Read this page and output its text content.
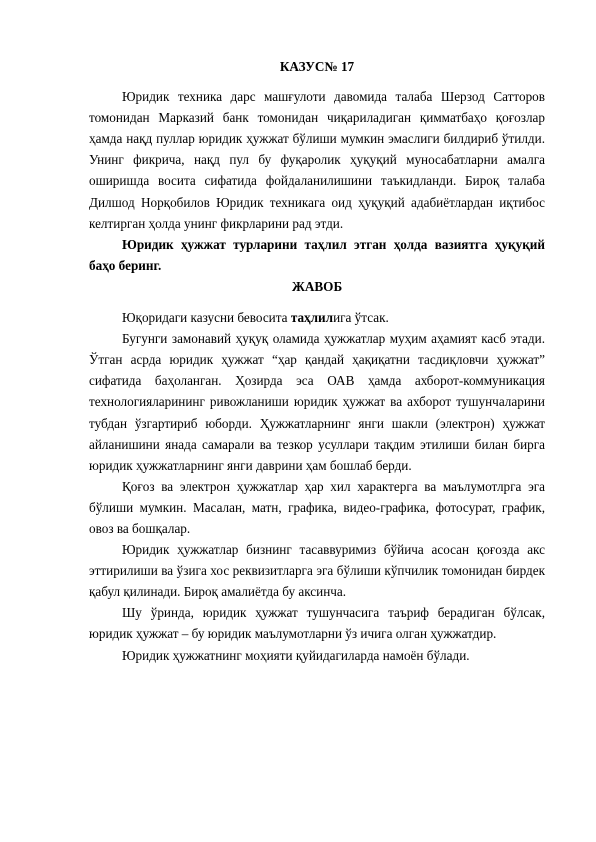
КАЗУС№ 17

Юридик техника дарс машғулоти давомида талаба Шерзод Сатторов томонидан Марказий банк томонидан чиқариладиган қимматбаҳо қоғозлар ҳамда нақд пуллар юридик ҳужжат бўлиши мумкин эмаслиги билдириб ўтилди. Унинг фикрича, нақд пул бу фуқаролик ҳуқуқий муносабатларни амалга оширишда восита сифатида фойдаланилишини таъкидланди. Бироқ талаба Дилшод Норқобилов Юридик техникага оид ҳуқуқий адабиётлардан иқтибос келтирган ҳолда унинг фикрларини рад этди.

Юридик ҳужжат турларини таҳлил этган ҳолда вазиятга ҳуқуқий баҳо беринг.

ЖАВОБ

Юқоридаги казусни бевосита таҳлилига ўтсак.

Бугунги замонавий ҳуқуқ оламида ҳужжатлар муҳим аҳамият касб этади. Ўтган асрда юридик ҳужжат “ҳар қандай ҳақиқатни тасдиқловчи ҳужжат” сифатида баҳоланган. Ҳозирда эса ОАВ ҳамда ахборот-коммуникация технологияларининг ривожланиши юридик ҳужжат ва ахборот тушунчаларини тубдан ўзгартириб юборди. Ҳужжатларнинг янги шакли (электрон) ҳужжат айланишини янада самарали ва тезкор усуллари тақдим этилиши билан бирга юридик ҳужжатларнинг янги даврини ҳам бошлаб берди.

Қоғоз ва электрон ҳужжатлар ҳар хил характерга ва маълумотлрга эга бўлиши мумкин. Масалан, матн, графика, видео-графика, фотосурат, график, овоз ва бошқалар.

Юридик ҳужжатлар бизнинг тасаввуримиз бўйича асосан қоғозда акс эттирилиши ва ўзига хос реквизитларга эга бўлиши кўпчилик томонидан бирдек қабул қилинади. Бироқ амалиётда бу аксинча.

Шу ўринда, юридик ҳужжат тушунчасига таъриф берадиган бўлсак, юридик ҳужжат – бу юридик маълумотларни ўз ичига олган ҳужжатдир.

Юридик ҳужжатнинг моҳияти қуйидагиларда намоён бўлади.
